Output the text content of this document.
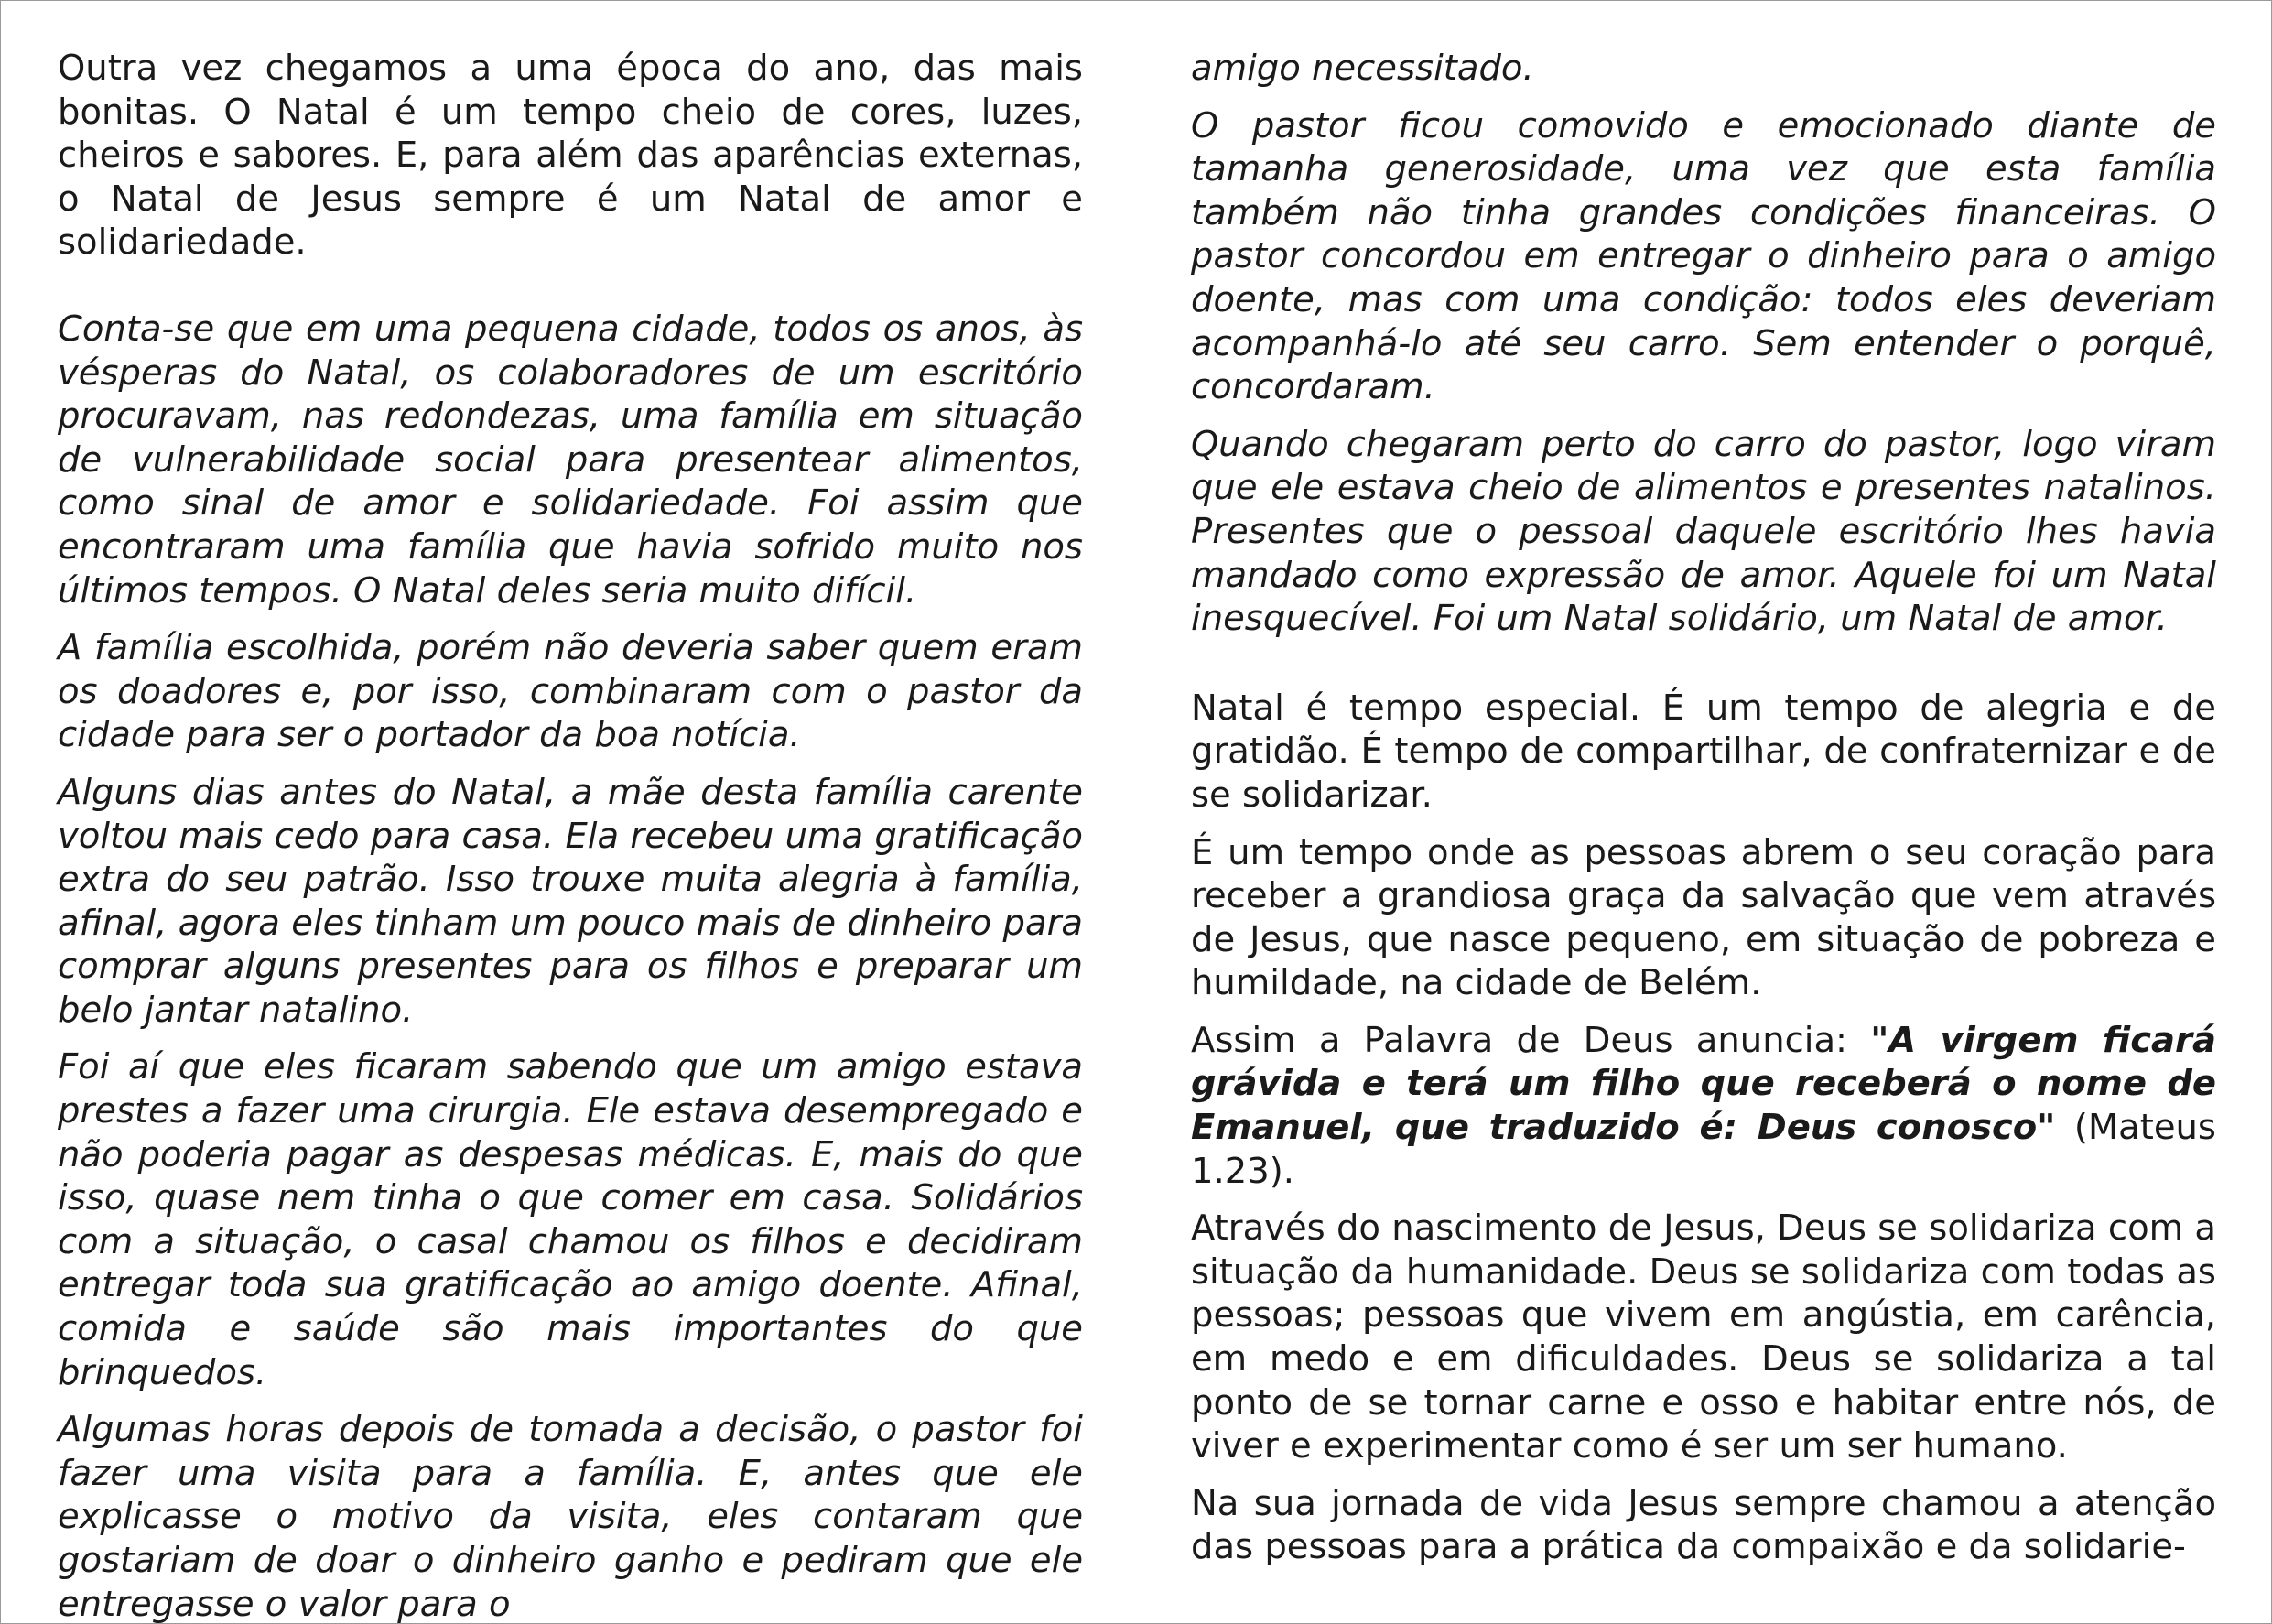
Outra vez chegamos a uma época do ano, das mais bonitas. O Natal é um tempo cheio de cores, luzes, cheiros e sabores. E, para além das aparências externas, o Natal de Jesus sempre é um Natal de amor e solidariedade.

Conta-se que em uma pequena cidade, todos os anos, às vésperas do Natal, os colaboradores de um escritório procuravam, nas redondezas, uma família em situação de vulnerabilidade social para presentear alimentos, como sinal de amor e solidariedade. Foi assim que encontraram uma família que havia sofrido muito nos últimos tempos. O Natal deles seria muito difícil.

A família escolhida, porém não deveria saber quem eram os doadores e, por isso, combinaram com o pastor da cidade para ser o portador da boa notícia.

Alguns dias antes do Natal, a mãe desta família carente voltou mais cedo para casa. Ela recebeu uma gratificação extra do seu patrão. Isso trouxe muita alegria à família, afinal, agora eles tinham um pouco mais de dinheiro para comprar alguns presentes para os filhos e preparar um belo jantar natalino.

Foi aí que eles ficaram sabendo que um amigo estava prestes a fazer uma cirurgia. Ele estava desempregado e não poderia pagar as despesas médicas. E, mais do que isso, quase nem tinha o que comer em casa. Solidários com a situação, o casal chamou os filhos e decidiram entregar toda sua gratificação ao amigo doente. Afinal, comida e saúde são mais importantes do que brinquedos.

Algumas horas depois de tomada a decisão, o pastor foi fazer uma visita para a família. E, antes que ele explicasse o motivo da visita, eles contaram que gostariam de doar o dinheiro ganho e pediram que ele entregasse o valor para o

amigo necessitado.

O pastor ficou comovido e emocionado diante de tamanha generosidade, uma vez que esta família também não tinha grandes condições financeiras. O pastor concordou em entregar o dinheiro para o amigo doente, mas com uma condição: todos eles deveriam acompanhá-lo até seu carro. Sem entender o porquê, concordaram.

Quando chegaram perto do carro do pastor, logo viram que ele estava cheio de alimentos e presentes natalinos. Presentes que o pessoal daquele escritório lhes havia mandado como expressão de amor. Aquele foi um Natal inesquecível. Foi um Natal solidário, um Natal de amor.

Natal é tempo especial. É um tempo de alegria e de gratidão. É tempo de compartilhar, de confraternizar e de se solidarizar.

É um tempo onde as pessoas abrem o seu coração para receber a grandiosa graça da salvação que vem através de Jesus, que nasce pequeno, em situação de pobreza e humildade, na cidade de Belém.

Assim a Palavra de Deus anuncia: "A virgem ficará grávida e terá um filho que receberá o nome de Emanuel, que traduzido é: Deus conosco" (Mateus 1.23).

Através do nascimento de Jesus, Deus se solidariza com a situação da humanidade. Deus se solidariza com todas as pessoas; pessoas que vivem em angústia, em carência, em medo e em dificuldades. Deus se solidariza a tal ponto de se tornar carne e osso e habitar entre nós, de viver e experimentar como é ser um ser humano.

Na sua jornada de vida Jesus sempre chamou a atenção das pessoas para a prática da compaixão e da solidarie-
